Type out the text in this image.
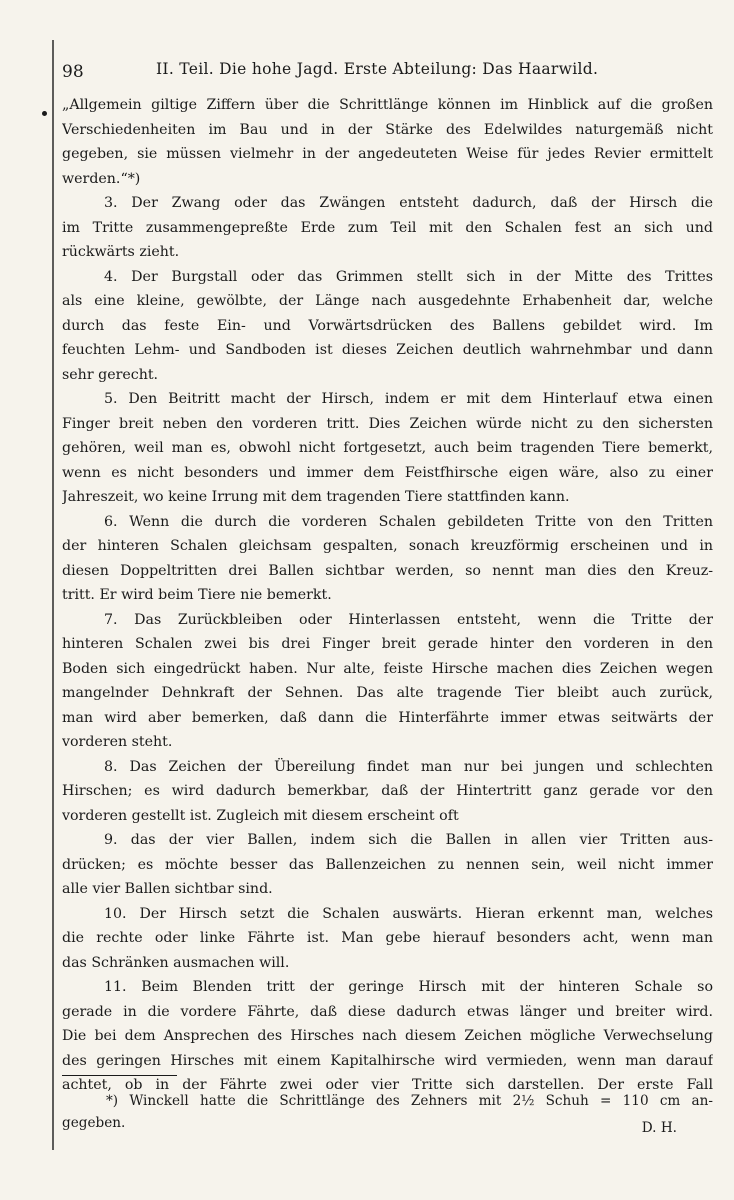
98	II. Teil. Die hohe Jagd. Erste Abteilung: Das Haarwild.
„Allgemein giltige Ziffern über die Schrittlänge können im Hinblick auf die großen
Verschiedenheiten im Bau und in der Stärke des Edelwildes naturgemäß nicht
gegeben, sie müssen vielmehr in der angedeuteten Weise für jedes Revier ermittelt
werden.“*)
3. Der Zwang oder das Zwängen entsteht dadurch, daß der Hirsch die
im Tritte zusammengepreßte Erde zum Teil mit den Schalen fest an sich und
rückwärts zieht.
4. Der Burgstall oder das Grimmen stellt sich in der Mitte des Trittes
als eine kleine, gewölbte, der Länge nach ausgedehnte Erhabenheit dar, welche
durch das feste Ein- und Vorwärtsdrücken des Ballens gebildet wird. Im
feuchten Lehm- und Sandboden ist dieses Zeichen deutlich wahrnehmbar und dann
sehr gerecht.
5. Den Beitritt macht der Hirsch, indem er mit dem Hinterlauf etwa einen
Finger breit neben den vorderen tritt. Dies Zeichen würde nicht zu den sichersten
gehören, weil man es, obwohl nicht fortgesetzt, auch beim tragenden Tiere bemerkt,
wenn es nicht besonders und immer dem Feistfhirsche eigen wäre, also zu einer
Jahreszeit, wo keine Irrung mit dem tragenden Tiere stattfinden kann.
6. Wenn die durch die vorderen Schalen gebildeten Tritte von den Tritten
der hinteren Schalen gleichsam gespalten, sonach kreuzförmig erscheinen und in
diesen Doppeltritten drei Ballen sichtbar werden, so nennt man dies den Kreuz-
tritt. Er wird beim Tiere nie bemerkt.
7. Das Zurückbleiben oder Hinterlassen entsteht, wenn die Tritte der
hinteren Schalen zwei bis drei Finger breit gerade hinter den vorderen in den
Boden sich eingedrückt haben. Nur alte, feiste Hirsche machen dies Zeichen wegen
mangelnder Dehnkraft der Sehnen. Das alte tragende Tier bleibt auch zurück,
man wird aber bemerken, daß dann die Hinterfährte immer etwas seitwärts der
vorderen steht.
8. Das Zeichen der Übereilung findet man nur bei jungen und schlechten
Hirschen; es wird dadurch bemerkbar, daß der Hintertritt ganz gerade vor den
vorderen gestellt ist. Zugleich mit diesem erscheint oft
9. das der vier Ballen, indem sich die Ballen in allen vier Tritten aus-
drücken; es möchte besser das Ballenzeichen zu nennen sein, weil nicht immer
alle vier Ballen sichtbar sind.
10. Der Hirsch setzt die Schalen auswärts. Hieran erkennt man, welches
die rechte oder linke Fährte ist. Man gebe hierauf besonders acht, wenn man
das Schränken ausmachen will.
11. Beim Blenden tritt der geringe Hirsch mit der hinteren Schale so
gerade in die vordere Fährte, daß diese dadurch etwas länger und breiter wird.
Die bei dem Ansprechen des Hirsches nach diesem Zeichen mögliche Verwechselung
des geringen Hirsches mit einem Kapitalhirsche wird vermieden, wenn man darauf
achtet, ob in der Fährte zwei oder vier Tritte sich darstellen. Der erste Fall
*) Winckell hatte die Schrittlänge des Zehners mit 2½ Schuh = 110 cm an-
gegeben.	D. H.
